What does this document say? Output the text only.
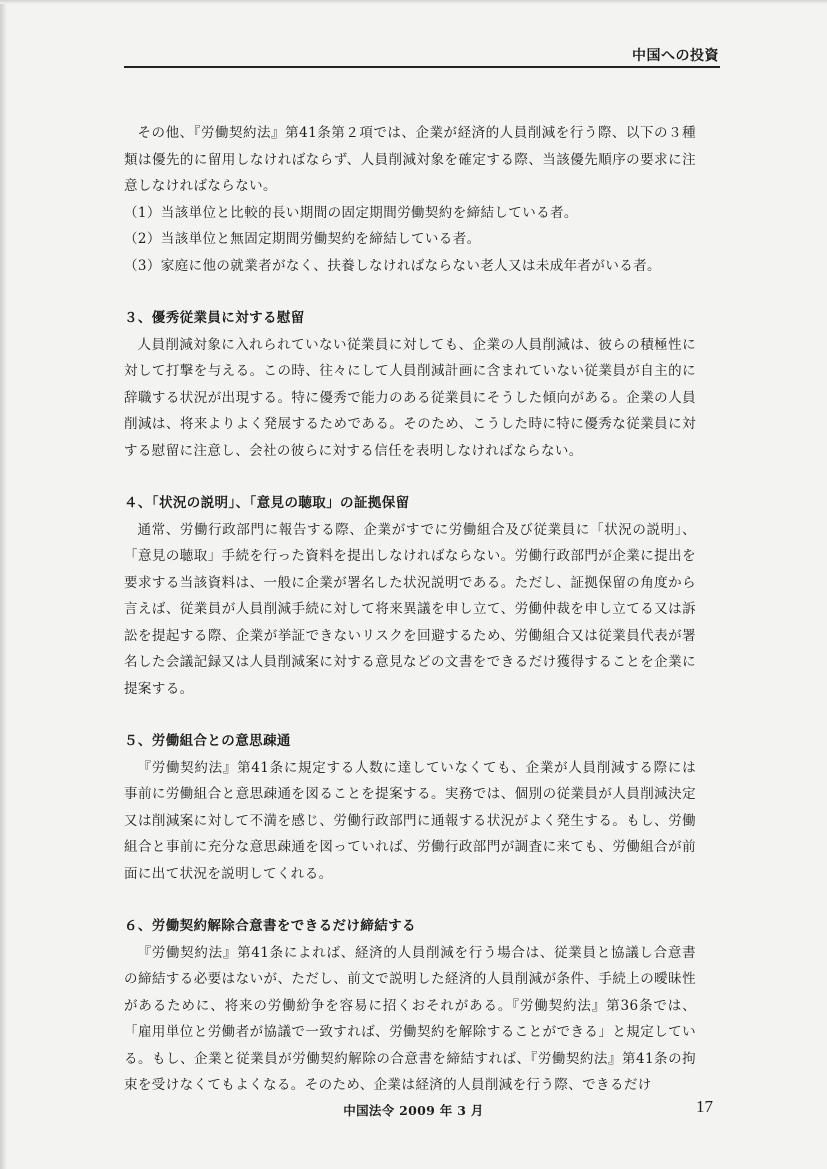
中国への投資

その他、『労働契約法』第41条第２項では、企業が経済的人員削減を行う際、以下の３種類は優先的に留用しなければならず、人員削減対象を確定する際、当該優先順序の要求に注意しなければならない。

（1）当該単位と比較的長い期間の固定期間労働契約を締結している者。

（2）当該単位と無固定期間労働契約を締結している者。

（3）家庭に他の就業者がなく、扶養しなければならない老人又は未成年者がいる者。

３、優秀従業員に対する慰留

人員削減対象に入れられていない従業員に対しても、企業の人員削減は、彼らの積極性に対して打撃を与える。この時、往々にして人員削減計画に含まれていない従業員が自主的に辞職する状況が出現する。特に優秀で能力のある従業員にそうした傾向がある。企業の人員削減は、将来よりよく発展するためである。そのため、こうした時に特に優秀な従業員に対する慰留に注意し、会社の彼らに対する信任を表明しなければならない。

４、「状況の説明」、「意見の聴取」の証拠保留

通常、労働行政部門に報告する際、企業がすでに労働組合及び従業員に「状況の説明」、「意見の聴取」手続を行った資料を提出しなければならない。労働行政部門が企業に提出を要求する当該資料は、一般に企業が署名した状況説明である。ただし、証拠保留の角度から言えば、従業員が人員削減手続に対して将来異議を申し立て、労働仲裁を申し立てる又は訴訟を提起する際、企業が挙証できないリスクを回避するため、労働組合又は従業員代表が署名した会議記録又は人員削減案に対する意見などの文書をできるだけ獲得することを企業に提案する。

５、労働組合との意思疎通

『労働契約法』第41条に規定する人数に達していなくても、企業が人員削減する際には事前に労働組合と意思疎通を図ることを提案する。実務では、個別の従業員が人員削減決定又は削減案に対して不満を感じ、労働行政部門に通報する状況がよく発生する。もし、労働組合と事前に充分な意思疎通を図っていれば、労働行政部門が調査に来ても、労働組合が前面に出て状況を説明してくれる。

６、労働契約解除合意書をできるだけ締結する

『労働契約法』第41条によれば、経済的人員削減を行う場合は、従業員と協議し合意書の締結する必要はないが、ただし、前文で説明した経済的人員削減が条件、手続上の曖昧性があるために、将来の労働紛争を容易に招くおそれがある。『労働契約法』第36条では、「雇用単位と労働者が協議で一致すれば、労働契約を解除することができる」と規定している。もし、企業と従業員が労働契約解除の合意書を締結すれば、『労働契約法』第41条の拘束を受けなくてもよくなる。そのため、企業は経済的人員削減を行う際、できるだけ

中国法令 2009 年 3 月	17
